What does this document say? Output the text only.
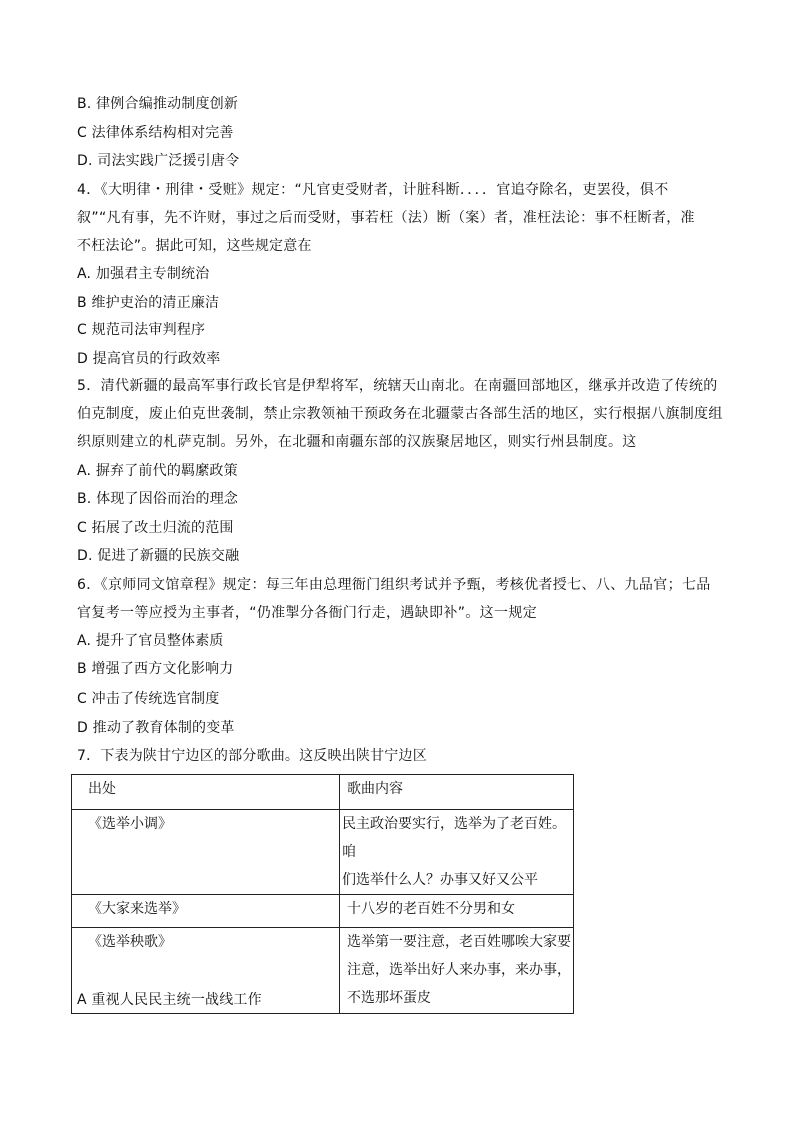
B. 律例合编推动制度创新
C 法律体系结构相对完善
D. 司法实践广泛援引唐令
4．《大明律・刑律・受赃》规定：“凡官吏受财者，计脏科断．．．．官追夺除名，吏罢役，俱不
叙”“凡有事，先不许财，事过之后而受财，事若枉（法）断（案）者，准枉法论：事不枉断者，准
不枉法论”。据此可知，这些规定意在
A. 加强君主专制统治
B 维护吏治的清正廉洁
C 规范司法审判程序
D 提高官员的行政效率
5．清代新疆的最高军事行政长官是伊犁将军，统辖天山南北。在南疆回部地区，继承并改造了传统的
伯克制度，废止伯克世袭制，禁止宗教领袖干预政务在北疆蒙古各部生活的地区，实行根据八旗制度组
织原则建立的札萨克制。另外，在北疆和南疆东部的汉族聚居地区，则实行州县制度。这
A. 摒弃了前代的羁縻政策
B. 体现了因俗而治的理念
C 拓展了改土归流的范围
D. 促进了新疆的民族交融
6．《京师同文馆章程》规定：每三年由总理衙门组织考试并予甄，考核优者授七、八、九品官；七品
官复考一等应授为主事者，“仍准掣分各衙门行走，遇缺即补”。这一规定
A. 提升了官员整体素质
B 增强了西方文化影响力
C 冲击了传统选官制度
D 推动了教育体制的变革
7．下表为陕甘宁边区的部分歌曲。这反映出陕甘宁边区
出处	歌曲内容

《选举小调》	民主政治要实行，选举为了老百姓。咱
们选举什么人？办事又好又公平

《大家来选举》	十八岁的老百姓不分男和女

《选举秧歌》	选举第一要注意，老百姓哪唉大家要
注意，选举出好人来办事，来办事，
不选那坏蛋皮
A 重视人民民主统一战线工作
